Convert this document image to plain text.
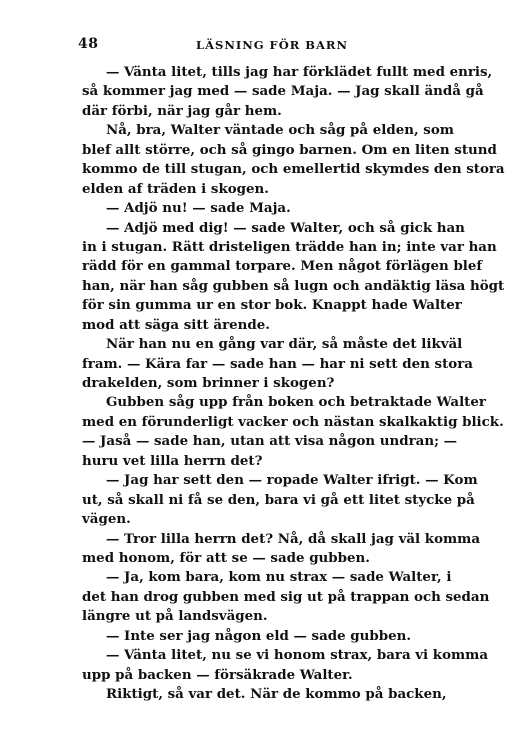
48	LÄSNING FÖR BARN
— Vänta litet, tills jag har förklädet fullt med enris,
så kommer jag med — sade Maja. — Jag skall ändå gå
där förbi, när jag går hem.
Nå, bra, Walter väntade och såg på elden, som
blef allt större, och så gingo barnen. Om en liten stund
kommo de till stugan, och emellertid skymdes den stora
elden af träden i skogen.
— Adjö nu! — sade Maja.
— Adjö med dig! — sade Walter, och så gick han
in i stugan. Rätt dristeligen trädde han in; inte var han
rädd för en gammal torpare. Men något förlägen blef
han, när han såg gubben så lugn och andäktig läsa högt
för sin gumma ur en stor bok. Knappt hade Walter
mod att säga sitt ärende.
När han nu en gång var där, så måste det likväl
fram. — Kära far — sade han — har ni sett den stora
drakelden, som brinner i skogen?
Gubben såg upp från boken och betraktade Walter
med en förunderligt vacker och nästan skalkaktig blick.
— Jaså — sade han, utan att visa någon undran; —
huru vet lilla herrn det?
— Jag har sett den — ropade Walter ifrigt. — Kom
ut, så skall ni få se den, bara vi gå ett litet stycke på
vägen.
— Tror lilla herrn det? Nå, då skall jag väl komma
med honom, för att se — sade gubben.
— Ja, kom bara, kom nu strax — sade Walter, i
det han drog gubben med sig ut på trappan och sedan
längre ut på landsvägen.
— Inte ser jag någon eld — sade gubben.
— Vänta litet, nu se vi honom strax, bara vi komma
upp på backen — försäkrade Walter.
Riktigt, så var det. När de kommo på backen,
